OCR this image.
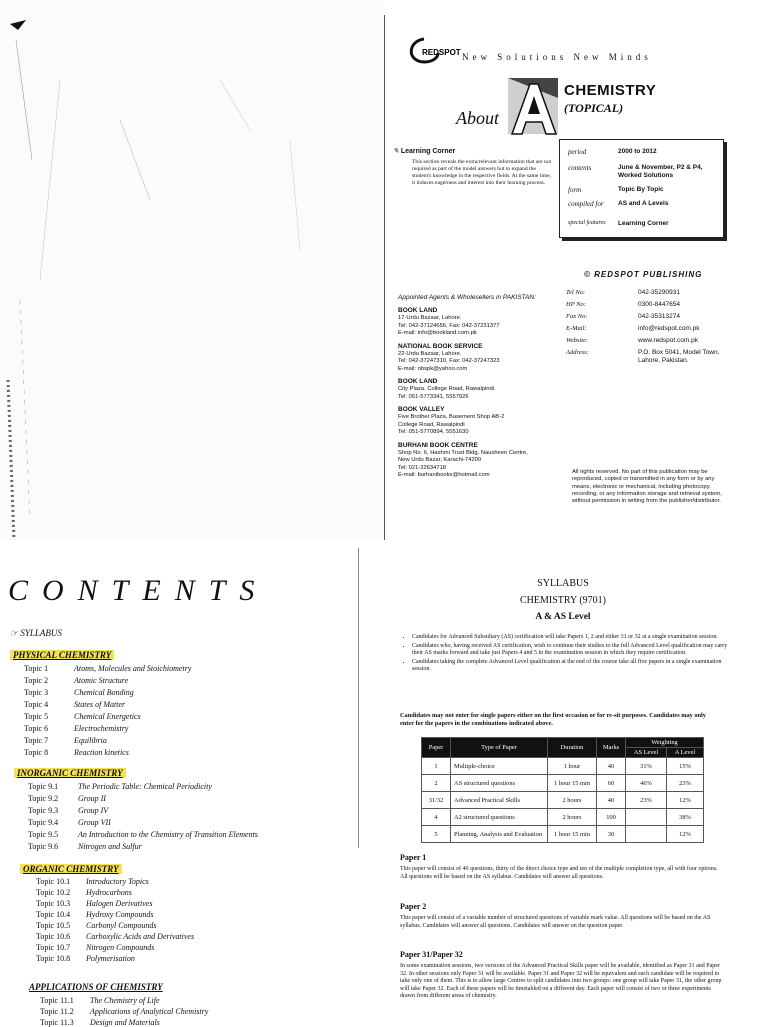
REDSPOT New Solutions New Minds
About
CHEMISTRY
(TOPICAL)
✎ Learning Corner
This section reveals the extra/relevant information that are not required as part of the model answers but to expand the student's knowledge in the respective fields. At the same time, it induces eagerness and interest into their learning process.
period	2000 to 2012
contents	June & November, P2 & P4, Worked Solutions
form	Topic By Topic
compiled for	AS and A Levels
special features	Learning Corner
© REDSPOT PUBLISHING
Tel No:	042-35290931
HP No:	0300-8447654
Fax No:	042-35313274
E-Mail:	info@redspot.com.pk
Website:	www.redspot.com.pk
Address:	P.O. Box 5041, Model Town, Lahore, Pakistan.
Appointed Agents & Wholesellers in PAKISTAN:
BOOK LAND
17-Urdu Bazaar, Lahore.
Tel: 042-37124656, Fax: 042-37231377
E-mail: info@bookland.com.pk
NATIONAL BOOK SERVICE
22-Urdu Bazaar, Lahore.
Tel: 042-37247310, Fax: 042-37247323
E-mail: nbspk@yahoo.com
BOOK LAND
City Plaza, College Road, Rawalpindi.
Tel: 051-5773341, 5557926
BOOK VALLEY
Five Brother Plaza, Basement Shop AB-2
College Road, Rawalpindi
Tel: 051-5770894, 5551630
BURHANI BOOK CENTRE
Shop No. 6, Hashmi Trust Bldg, Nausheen Centre,
New Urdu Bazar, Karachi-74200
Tel: 021-32634718
E-mail: burhanibooks@hotmail.com	All rights reserved. No part of this publication may be reproduced, copied or transmitted in any form or by any means, electronic or mechanical, including photocopy, recording, or any information storage and retrieval system, without permission in writing from the publisher/distributor.
CONTENTS
☞ SYLLABUS
PHYSICAL CHEMISTRY
Topic 1	Atoms, Molecules and Stoichiometry
Topic 2	Atomic Structure
Topic 3	Chemical Bonding
Topic 4	States of Matter
Topic 5	Chemical Energetics
Topic 6	Electrochemistry
Topic 7	Equilibria
Topic 8	Reaction kinetics
INORGANIC CHEMISTRY
Topic 9.1	The Periodic Table: Chemical Periodicity
Topic 9.2	Group II
Topic 9.3	Group IV
Topic 9.4	Group VII
Topic 9.5	An Introduction to the Chemistry of Transition Elements
Topic 9.6	Nitrogen and Sulfur
ORGANIC CHEMISTRY
Topic 10.1	Introductory Topics
Topic 10.2	Hydrocarbons
Topic 10.3	Halogen Derivatives
Topic 10.4	Hydroxy Compounds
Topic 10.5	Carbonyl Compounds
Topic 10.6	Carboxylic Acids and Derivatives
Topic 10.7	Nitrogen Compounds
Topic 10.8	Polymerisation
APPLICATIONS OF CHEMISTRY
Topic 11.1	The Chemistry of Life
Topic 11.2	Applications of Analytical Chemistry
Topic 11.3	Design and Materials
SYLLABUS
CHEMISTRY (9701)
A & AS Level
• Candidates for Advanced Subsidiary (AS) certification will take Papers 1, 2 and either 31 or 32 at a single examination session.
• Candidates who, having received AS certification, wish to continue their studies to the full Advanced Level qualification may carry their AS marks forward and take just Papers 4 and 5 in the examination session in which they require certification.
• Candidates taking the complete Advanced Level qualification at the end of the course take all five papers in a single examination session.
Candidates may not enter for single papers either on the first occasion or for re-sit purposes. Candidates may only enter for the papers in the combinations indicated above.
Paper	Type of Paper	Duration	Marks	Weighting	
				AS Level	A Level
1	Multiple-choice	1 hour	40	31%	15%
2	AS structured questions	1 hour 15 min	60	46%	23%
31/32	Advanced Practical Skills	2 hours	40	23%	12%
4	A2 structured questions	2 hours	100		38%
5	Planning, Analysis and Evaluation	1 hour 15 min	30		12%
Paper 1
This paper will consist of 40 questions, thirty of the direct choice type and ten of the multiple completion type, all with four options. All questions will be based on the AS syllabus. Candidates will answer all questions.
Paper 2
This paper will consist of a variable number of structured questions of variable mark value. All questions will be based on the AS syllabus. Candidates will answer all questions. Candidates will answer on the question paper.
Paper 31/Paper 32
In some examination sessions, two versions of the Advanced Practical Skills paper will be available, identified as Paper 31 and Paper 32. In other sessions only Paper 31 will be available. Paper 31 and Paper 32 will be equivalent and each candidate will be required to take only one of them. This is to allow large Centres to split candidates into two groups: one group will take Paper 31, the other group will take Paper 32. Each of these papers will be timetabled on a different day. Each paper will consist of two or three experiments drawn from different areas of chemistry.
